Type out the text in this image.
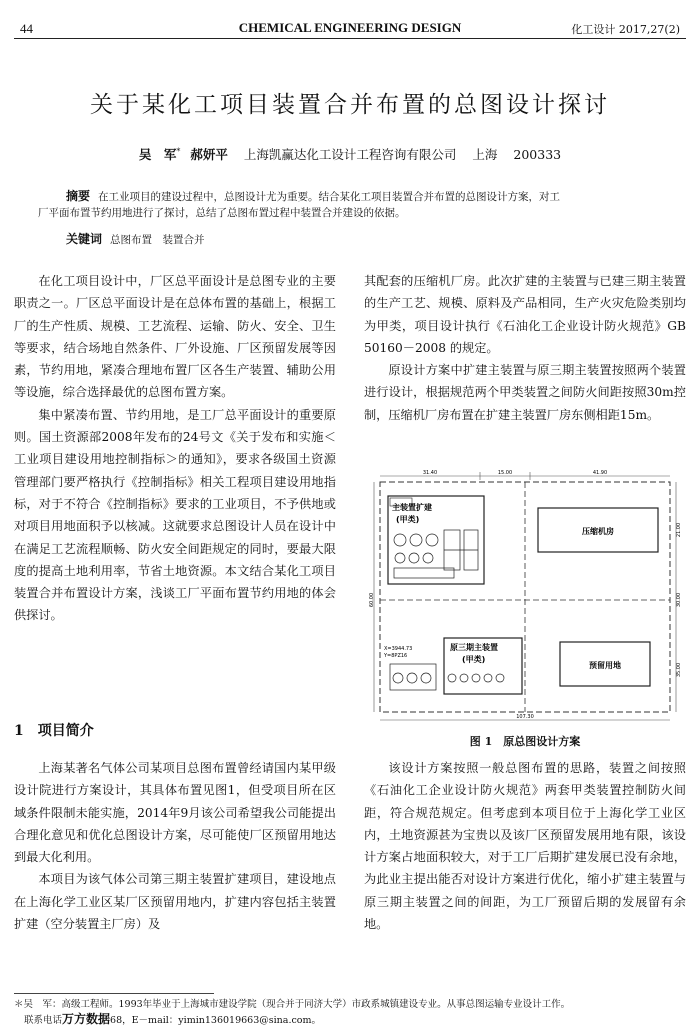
44	CHEMICAL ENGINEERING DESIGN	化工设计 2017,27(2)
关于某化工项目装置合并布置的总图设计探讨
吴　军* 郝妍平 上海凯赢达化工设计工程咨询有限公司 上海 200333
摘要 在工业项目的建设过程中，总图设计尤为重要。结合某化工项目装置合并布置的总图设计方案，对工
厂平面布置节约用地进行了探讨，总结了总图布置过程中装置合并建设的依据。
关键词 总图布置　装置合并

在化工项目设计中，厂区总平面设计是总图专业的主要职责之一。厂区总平面设计是在总体布置的基础上，根据工厂的生产性质、规模、工艺流程、运输、防火、安全、卫生等要求，结合场地自然条件、厂外设施、厂区预留发展等因素，节约用地，紧凑合理地布置厂区各生产装置、辅助公用等设施，综合选择最优的总图布置方案。

集中紧凑布置、节约用地，是工厂总平面设计的重要原则。国土资源部2008年发布的24号文《关于发布和实施＜工业项目建设用地控制指标＞的通知》，要求各级国土资源管理部门要严格执行《控制指标》相关工程项目建设用地指标，对于不符合《控制指标》要求的工业项目，不予供地或对项目用地面积予以核减。这就要求总图设计人员在设计中在满足工艺流程顺畅、防火安全间距规定的同时，要最大限度的提高土地利用率，节省土地资源。本文结合某化工项目装置合并布置设计方案，浅谈工厂平面布置节约用地的体会供探讨。

1 项目简介

上海某著名气体公司某项目总图布置曾经请国内某甲级设计院进行方案设计，其具体布置见图1，但受项目所在区域条件限制未能实施，2014年9月该公司希望我公司能提出合理化意见和优化总图设计方案，尽可能使厂区预留用地达到最大化利用。

本项目为该气体公司第三期主装置扩建项目，建设地点在上海化学工业区某厂区预留用地内，扩建内容包括主装置扩建（空分装置主厂房）及

其配套的压缩机厂房。此次扩建的主装置与已建三期主装置的生产工艺、规模、原料及产品相同，生产火灾危险类别均为甲类，项目设计执行《石油化工企业设计防火规范》GB 50160－2008 的规定。

原设计方案中扩建主装置与原三期主装置按照两个装置进行设计，根据规范两个甲类装置之间防火间距按照30m控制，压缩机厂房布置在扩建主装置厂房东侧相距15m。

31.40	15.00	41.90
主装置扩建
(甲类)
压缩机房
原三期主装置
(甲类)
X=3944.73
Y=8PZ16
预留用地
60.00
21.00
30.00
35.00
107.30
图 1　原总图设计方案

该设计方案按照一般总图布置的思路，装置之间按照《石油化工企业设计防火规范》两套甲类装置控制防火间距，符合规范规定。但考虑到本项目位于上海化学工业区内，土地资源甚为宝贵以及该厂区预留发展用地有限，该设计方案占地面积较大，对于工厂后期扩建发展已没有余地，为此业主提出能否对设计方案进行优化，缩小扩建主装置与原三期主装置之间的间距，为工厂预留后期的发展留有余地。

＊吴　军：高级工程师。1993年毕业于上海城市建设学院（现合并于同济大学）市政系城镇建设专业。从事总图运输专业设计工作。
联系电话万方数据68，E－mail：yimin136019663@sina.com。
